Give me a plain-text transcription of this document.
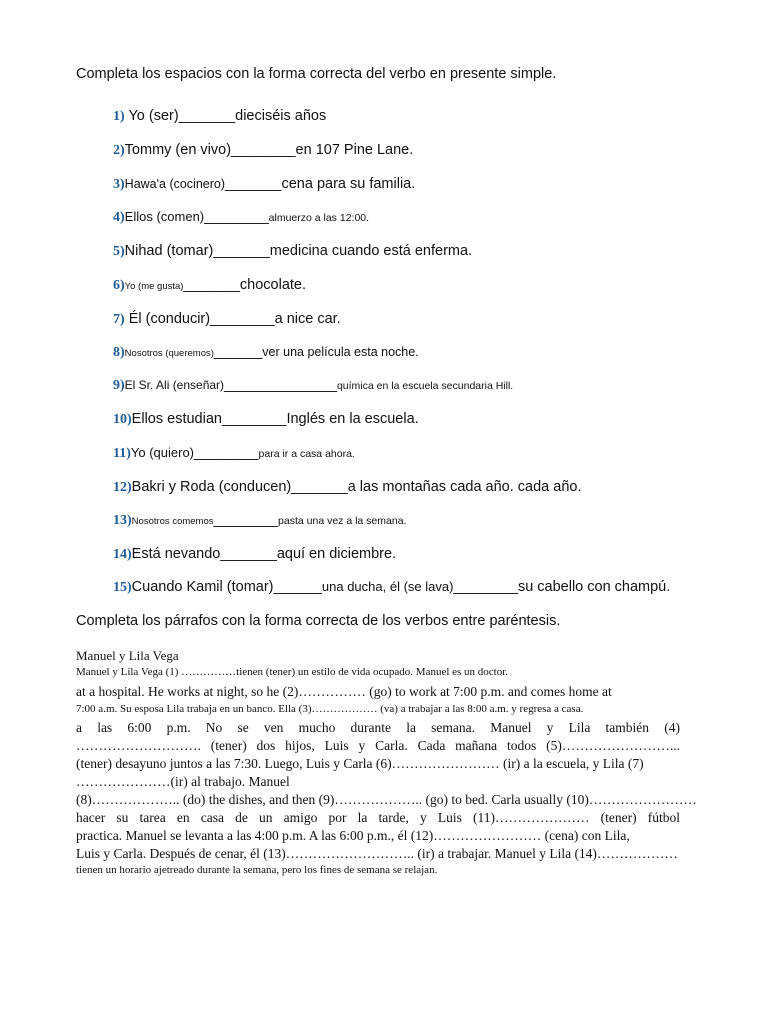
Completa los espacios con la forma correcta del verbo en presente simple.
1) Yo (ser)_______dieciséis años
2)Tommy (en vivo)________en 107 Pine Lane.
3)Hawa'a (cocinero)_______cena para su familia.
4)Ellos (comen)________almuerzo a las 12:00.
5)Nihad (tomar)_______medicina cuando está enferma.
6)Yo (me gusta)_______chocolate.
7) Él (conducir)________a nice car.
8)Nosotros (queremos)______ver una película esta noche.
9)El Sr. Ali (enseñar)______________química en la escuela secundaria Hill.
10)Ellos estudian________Inglés en la escuela.
11)Yo (quiero)________para ir a casa ahora.
12)Bakri y Roda (conducen)_______a las montañas cada año. cada año.
13)Nosotros comemos________pasta una vez a la semana.
14)Está nevando_______aquí en diciembre.
15)Cuando Kamil (tomar)______una ducha, él (se lava)________su cabello con champú.
Completa los párrafos con la forma correcta de los verbos entre paréntesis.
Manuel y Lila Vega
Manuel y Lila Vega (1) ……………tienen (tener) un estilo de vida ocupado. Manuel es un doctor.
at a hospital. He works at night, so he (2)…………… (go) to work at 7:00 p.m. and comes home at
7:00 a.m. Su esposa Lila trabaja en un banco. Ella (3)……………… (va) a trabajar a las 8:00 a.m. y regresa a casa.
a las 6:00 p.m. No se ven mucho durante la semana. Manuel y Lila también (4)
………………………. (tener) dos hijos, Luis y Carla. Cada mañana todos (5)……………………...
(tener) desayuno juntos a las 7:30. Luego, Luis y Carla (6)…………………… (ir) a la escuela, y Lila (7)
…………………(ir) al trabajo. Manuel
(8)……………….. (do) the dishes, and then (9)……………….. (go) to bed. Carla usually (10)……………………
hacer su tarea en casa de un amigo por la tarde, y Luis (11)………………… (tener) fútbol
practica. Manuel se levanta a las 4:00 p.m. A las 6:00 p.m., él (12)…………………… (cena) con Lila,
Luis y Carla. Después de cenar, él (13)……………………….. (ir) a trabajar. Manuel y Lila (14)………………
tienen un horario ajetreado durante la semana, pero los fines de semana se relajan.
